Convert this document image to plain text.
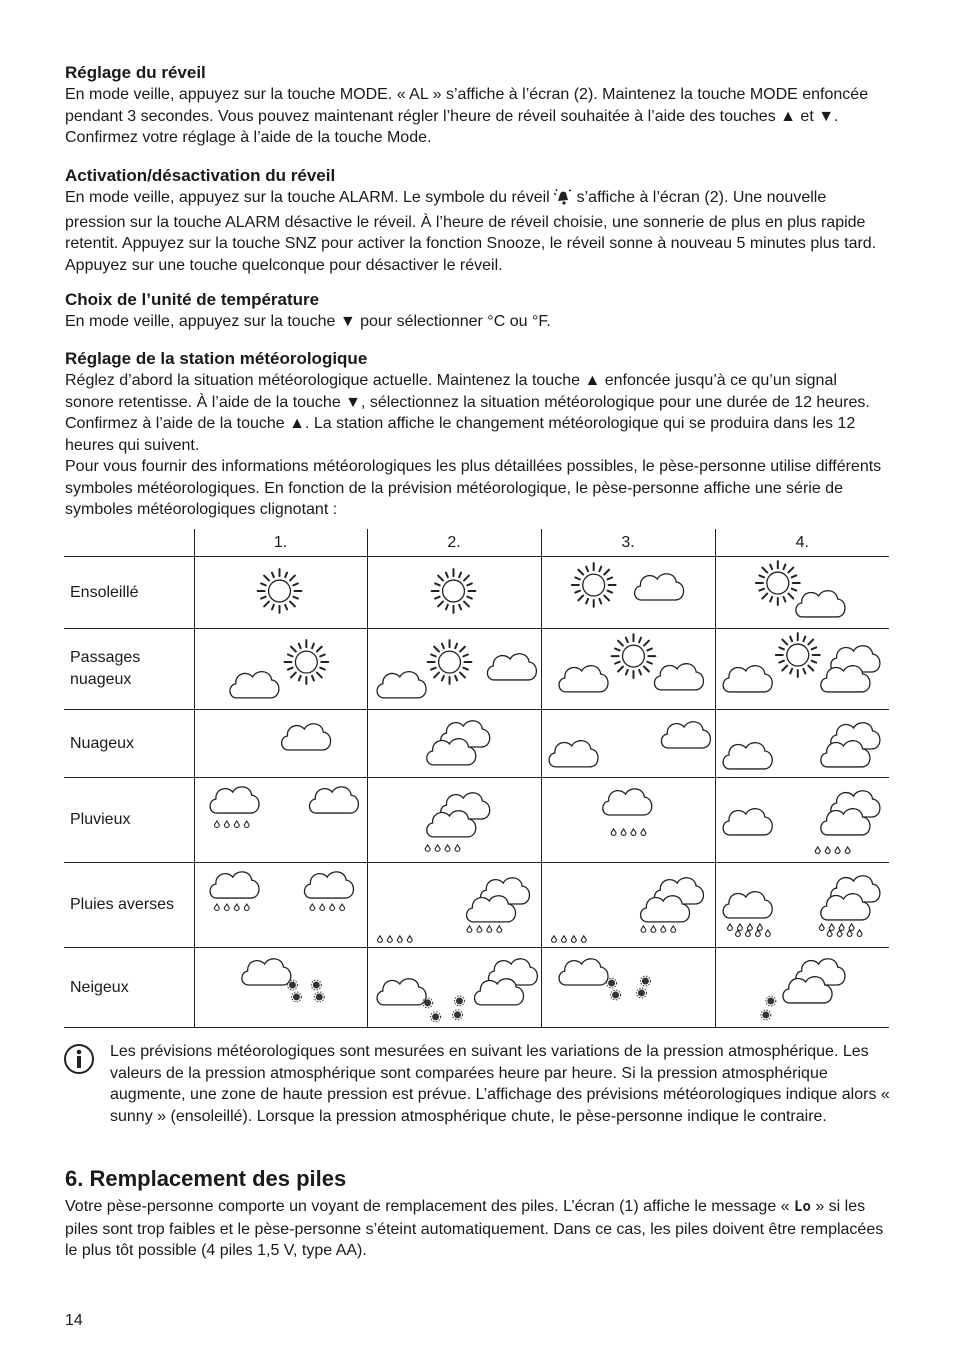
Réglage du réveil

En mode veille, appuyez sur la touche MODE. « AL » s’affiche à l’écran (2). Maintenez la touche MODE enfoncée pendant 3 secondes. Vous pouvez maintenant régler l’heure de réveil souhaitée à l’aide des touches ▲ et ▼. Confirmez votre réglage à l’aide de la touche Mode.

Activation/désactivation du réveil

En mode veille, appuyez sur la touche ALARM. Le symbole du réveil s’affiche à l’écran (2). Une nouvelle pression sur la touche ALARM désactive le réveil. À l’heure de réveil choisie, une sonnerie de plus en plus rapide retentit. Appuyez sur la touche SNZ pour activer la fonction Snooze, le réveil sonne à nouveau 5 minutes plus tard. Appuyez sur une touche quelconque pour désactiver le réveil.

Choix de l’unité de température

En mode veille, appuyez sur la touche ▼ pour sélectionner °C ou °F.

Réglage de la station météorologique

Réglez d’abord la situation météorologique actuelle. Maintenez la touche ▲ enfoncée jusqu’à ce qu’un signal sonore retentisse. À l’aide de la touche ▼, sélectionnez la situation météorologique pour une durée de 12 heures. Confirmez à l’aide de la touche ▲. La station affiche le changement météorologique qui se produira dans les 12 heures qui suivent.

Pour vous fournir des informations météorologiques les plus détaillées possibles, le pèse-personne utilise différents symboles météorologiques. En fonction de la prévision météorologique, le pèse-personne affiche une série de symboles météorologiques clignotant :

	1.	2.	3.	4.
Ensoleillé	

Passages nuageux	

Nuageux	

Pluvieux	

Pluies averses	

Neigeux	

Les prévisions météorologiques sont mesurées en suivant les variations de la pression atmosphérique. Les valeurs de la pression atmosphérique sont comparées heure par heure. Si la pression atmosphérique augmente, une zone de haute pression est prévue. L’affichage des prévisions météorologiques indique alors « sunny » (ensoleillé). Lorsque la pression atmosphérique chute, le pèse-personne indique le contraire.

6. Remplacement des piles

Votre pèse-personne comporte un voyant de remplacement des piles. L’écran (1) affiche le message « Lo » si les piles sont trop faibles et le pèse-personne s’éteint automatiquement. Dans ce cas, les piles doivent être remplacées le plus tôt possible (4 piles 1,5 V, type AA).

14
